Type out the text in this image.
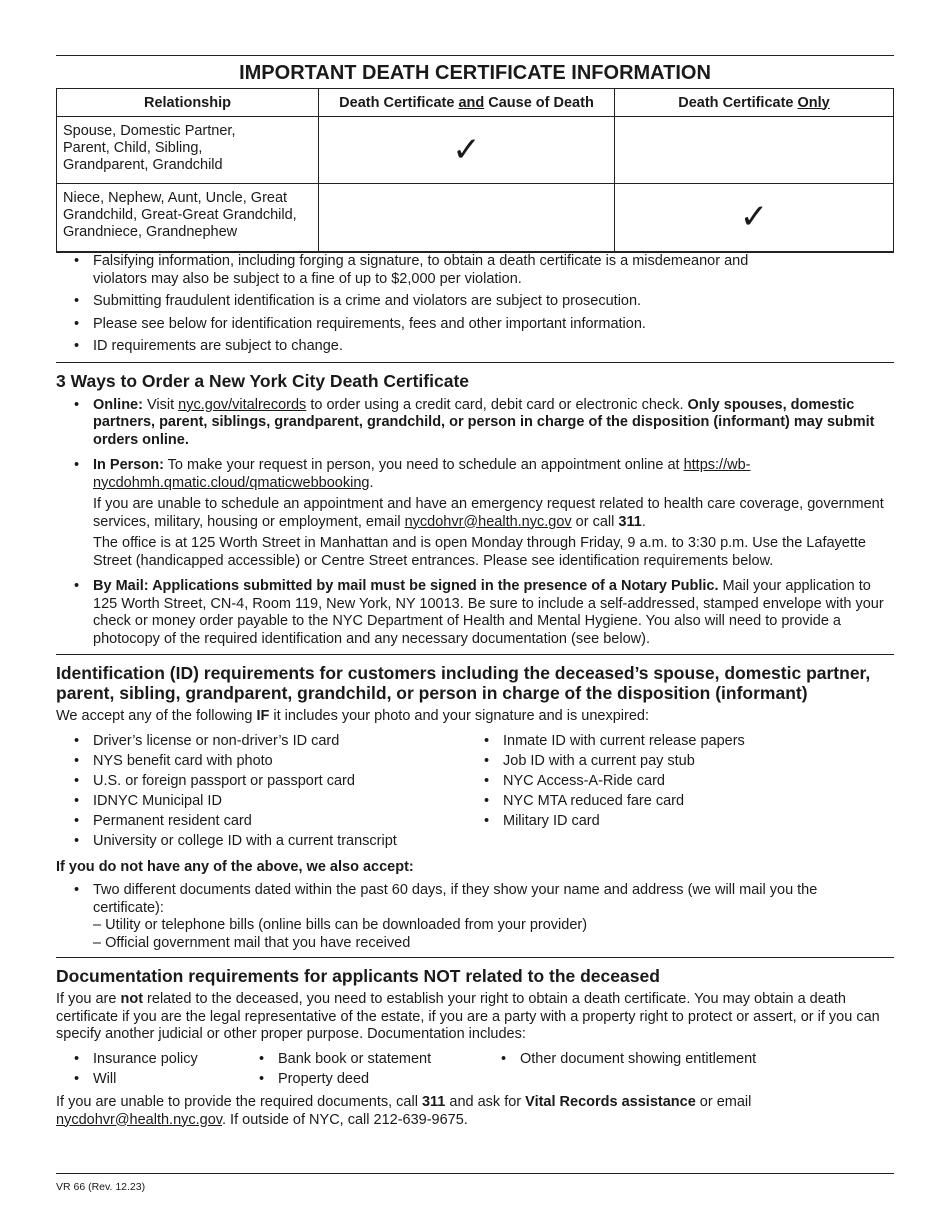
IMPORTANT DEATH CERTIFICATE INFORMATION
Relationship	Death Certificate and Cause of Death	Death Certificate Only
Spouse, Domestic Partner, Parent, Child, Sibling, Grandparent, Grandchild	✓	
Niece, Nephew, Aunt, Uncle, Great Grandchild, Great-Great Grandchild, Grandniece, Grandnephew		✓
• Falsifying information, including forging a signature, to obtain a death certificate is a misdemeanor and violators may also be subject to a fine of up to $2,000 per violation.
• Submitting fraudulent identification is a crime and violators are subject to prosecution.
• Please see below for identification requirements, fees and other important information.
• ID requirements are subject to change.
3 Ways to Order a New York City Death Certificate
• Online: Visit nyc.gov/vitalrecords to order using a credit card, debit card or electronic check. Only spouses, domestic partners, parent, siblings, grandparent, grandchild, or person in charge of the disposition (informant) may submit orders online.

• In Person: To make your request in person, you need to schedule an appointment online at https://wb-nycdohmh.qmatic.cloud/qmaticwebbooking.

If you are unable to schedule an appointment and have an emergency request related to health care coverage, government services, military, housing or employment, email nycdohvr@health.nyc.gov or call 311.

The office is at 125 Worth Street in Manhattan and is open Monday through Friday, 9 a.m. to 3:30 p.m. Use the Lafayette Street (handicapped accessible) or Centre Street entrances. Please see identification requirements below.

• By Mail: Applications submitted by mail must be signed in the presence of a Notary Public. Mail your application to 125 Worth Street, CN-4, Room 119, New York, NY 10013. Be sure to include a self-addressed, stamped envelope with your check or money order payable to the NYC Department of Health and Mental Hygiene. You also will need to provide a photocopy of the required identification and any necessary documentation (see below).
Identification (ID) requirements for customers including the deceased’s spouse, domestic partner, parent, sibling, grandparent, grandchild, or person in charge of the disposition (informant)

We accept any of the following IF it includes your photo and your signature and is unexpired:

• Driver’s license or non-driver’s ID card
• NYS benefit card with photo
• U.S. or foreign passport or passport card
• IDNYC Municipal ID
• Permanent resident card
• University or college ID with a current transcript
• Inmate ID with current release papers
• Job ID with a current pay stub
• NYC Access-A-Ride card
• NYC MTA reduced fare card
• Military ID card

If you do not have any of the above, we also accept:

• Two different documents dated within the past 60 days, if they show your name and address (we will mail you the certificate):
– Utility or telephone bills (online bills can be downloaded from your provider)
– Official government mail that you have received
Documentation requirements for applicants NOT related to the deceased

If you are not related to the deceased, you need to establish your right to obtain a death certificate. You may obtain a death certificate if you are the legal representative of the estate, if you are a party with a property right to protect or assert, or if you can specify another judicial or other proper purpose. Documentation includes:

• Insurance policy
• Will
• Bank book or statement
• Property deed
• Other document showing entitlement

If you are unable to provide the required documents, call 311 and ask for Vital Records assistance or email nycdohvr@health.nyc.gov. If outside of NYC, call 212-639-9675.

VR 66 (Rev. 12.23)
